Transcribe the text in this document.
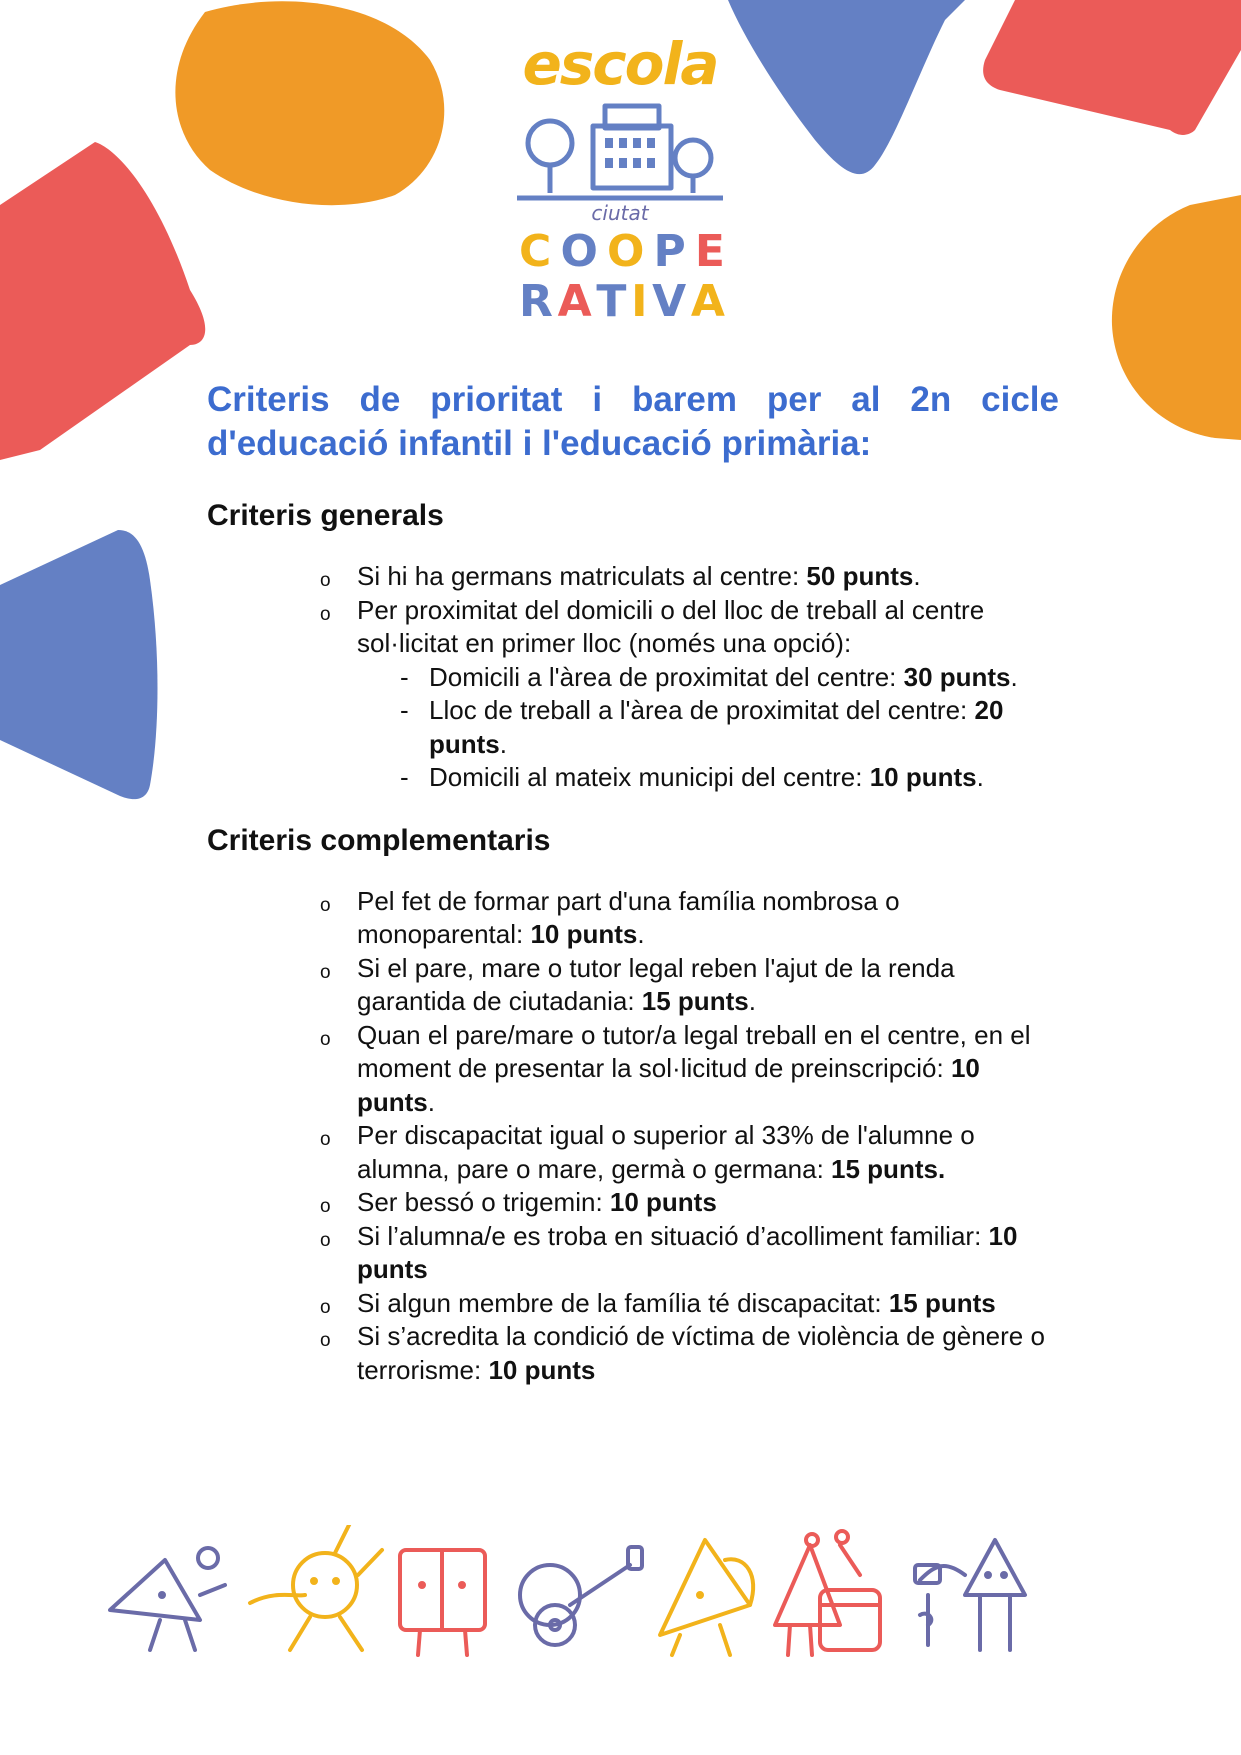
escola
ciutat
C O O P E
R A T I V A
Criteris de prioritat i barem per al 2n cicle d'educació infantil i l'educació primària:
Criteris generals
o Si hi ha germans matriculats al centre: 50 punts.
o Per proximitat del domicili o del lloc de treball al centre sol·licitat en primer lloc (només una opció):
- Domicili a l'àrea de proximitat del centre: 30 punts.
- Lloc de treball a l'àrea de proximitat del centre: 20 punts.
- Domicili al mateix municipi del centre: 10 punts.
Criteris complementaris
o Pel fet de formar part d'una família nombrosa o monoparental: 10 punts.
o Si el pare, mare o tutor legal reben l'ajut de la renda garantida de ciutadania: 15 punts.
o Quan el pare/mare o tutor/a legal treball en el centre, en el moment de presentar la sol·licitud de preinscripció: 10 punts.
o Per discapacitat igual o superior al 33% de l'alumne o alumna, pare o mare, germà o germana: 15 punts.
o Ser bessó o trigemin: 10 punts
o Si l’alumna/e es troba en situació d’acolliment familiar: 10 punts
o Si algun membre de la família té discapacitat: 15 punts
o Si s’acredita la condició de víctima de violència de gènere o terrorisme: 10 punts
